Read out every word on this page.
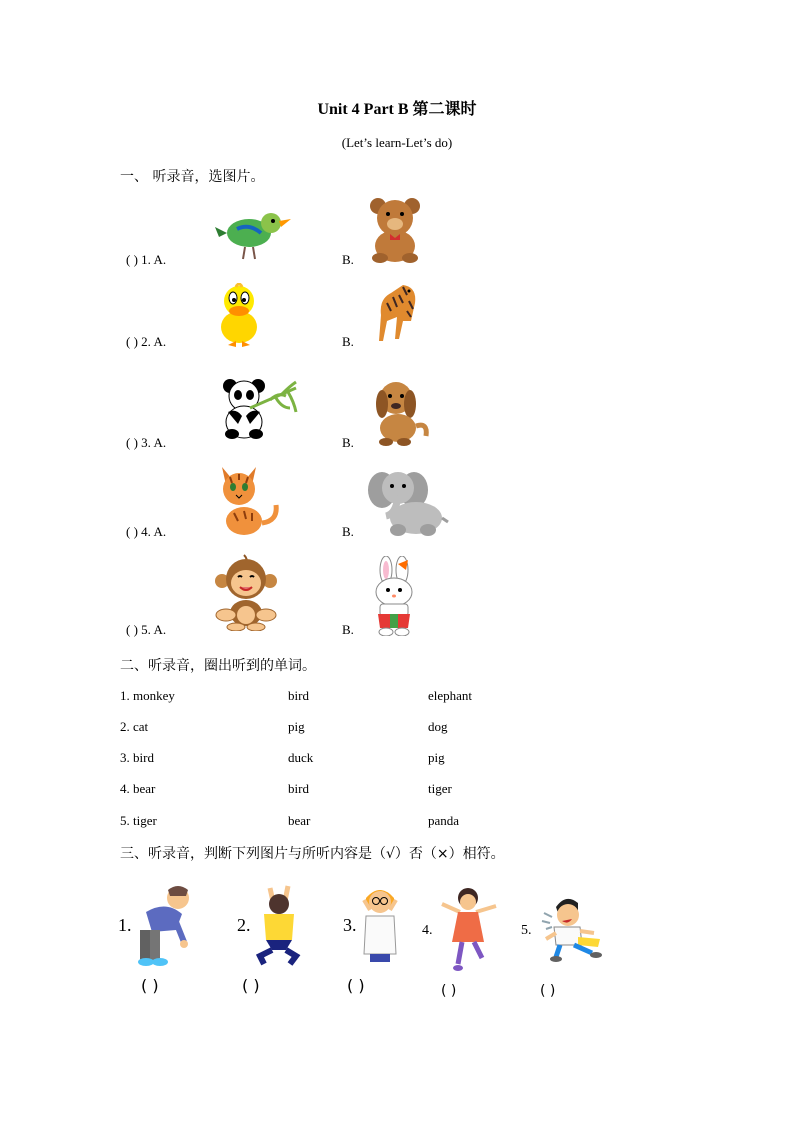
Unit 4 Part B 第二课时
(Let’s learn-Let’s do)
一、 听录音，选图片。
( ) 1. A.	B.
( ) 2. A.	B.
( ) 3. A.	B.
( ) 4. A.	B.
( ) 5. A.	B.
二、听录音，圈出听到的单词。
1. monkey	bird	elephant
2. cat	pig	dog
3. bird	duck	pig
4. bear	bird	tiger
5. tiger	bear	panda
三、听录音，判断下列图片与所听内容是（√）否（×）相符。
1.
( )
2.
( )
3.
( )
4.
( )
5.
( )
